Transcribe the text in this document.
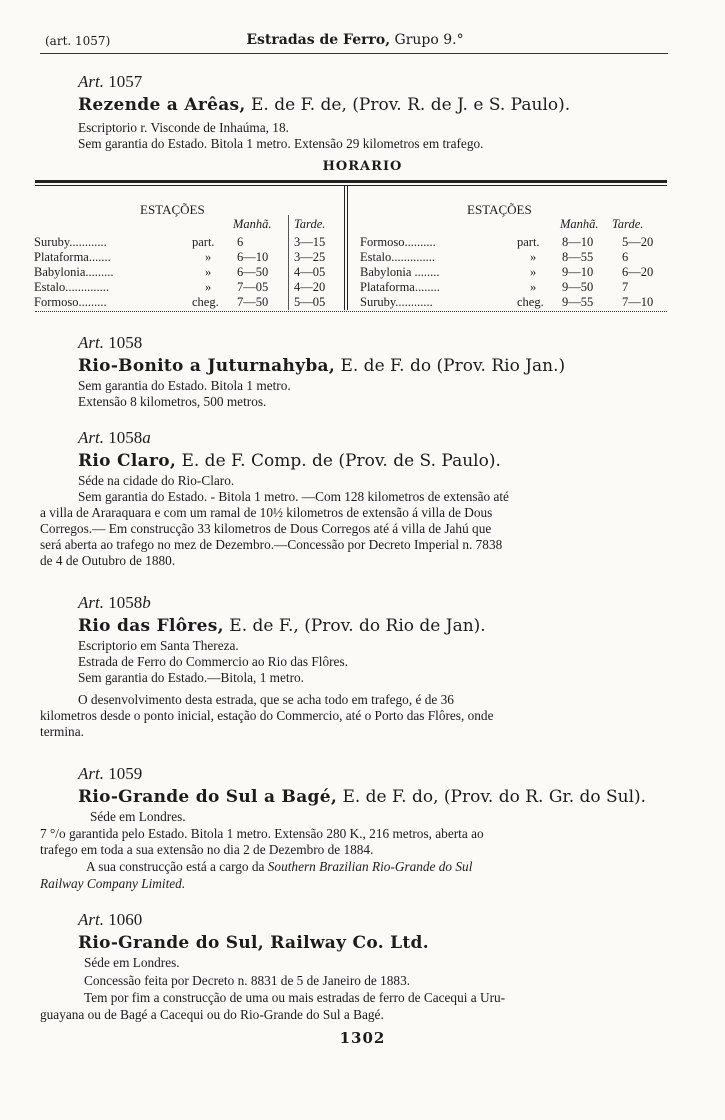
(art. 1057)	Estradas de Ferro, Grupo 9.°
Art. 1057
Rezende a Arêas, E. de F. de, (Prov. R. de J. e S. Paulo).
Escriptorio r. Visconde de Inhaúma, 18.
Sem garantia do Estado. Bitola 1 metro. Extensão 29 kilometros em trafego.
HORARIO
ESTAÇÕES
Manhã. Tarde.
Suruby............	part. 6	3—15
Plataforma.......	» 6—10 3—25
Babylonia.........	» 6—50 4—05
Estalo..............	» 7—05 4—20
Formoso.........	cheg. 7—50 5—05
ESTAÇÕES
Manhã. Tarde.
Formoso..........	part. 8—10 5—20
Estalo..............	» 8—55 6
Babylonia ........	» 9—10 6—20
Plataforma........	» 9—50 7
Suruby............	cheg. 9—55 7—10
Art. 1058
Rio-Bonito a Juturnahyba, E. de F. do (Prov. Rio Jan.)
Sem garantia do Estado. Bitola 1 metro.
Extensão 8 kilometros, 500 metros.
Art. 1058a
Rio Claro, E. de F. Comp. de (Prov. de S. Paulo).
Séde na cidade do Rio-Claro.
Sem garantia do Estado. - Bitola 1 metro. —Com 128 kilometros de extensão até
a villa de Araraquara e com um ramal de 10½ kilometros de extensão á villa de Dous
Corregos.— Em construcção 33 kilometros de Dous Corregos até á villa de Jahú que
será aberta ao trafego no mez de Dezembro.—Concessão por Decreto Imperial n. 7838
de 4 de Outubro de 1880.
Art. 1058b
Rio das Flôres, E. de F., (Prov. do Rio de Jan).
Escriptorio em Santa Thereza.
Estrada de Ferro do Commercio ao Rio das Flôres.
Sem garantia do Estado.—Bitola, 1 metro.
O desenvolvimento desta estrada, que se acha todo em trafego, é de 36
kilometros desde o ponto inicial, estação do Commercio, até o Porto das Flôres, onde
termina.
Art. 1059
Rio-Grande do Sul a Bagé, E. de F. do, (Prov. do R. Gr. do Sul).
Séde em Londres.
7 °/o garantida pelo Estado. Bitola 1 metro. Extensão 280 K., 216 metros, aberta ao
trafego em toda a sua extensão no dia 2 de Dezembro de 1884.
A sua construcção está a cargo da Southern Brazilian Rio-Grande do Sul
Railway Company Limited.
Art. 1060
Rio-Grande do Sul, Railway Co. Ltd.
Séde em Londres.
Concessão feita por Decreto n. 8831 de 5 de Janeiro de 1883.
Tem por fim a construcção de uma ou mais estradas de ferro de Cacequi a Uru-
guayana ou de Bagé a Cacequi ou do Rio-Grande do Sul a Bagé.
1302
